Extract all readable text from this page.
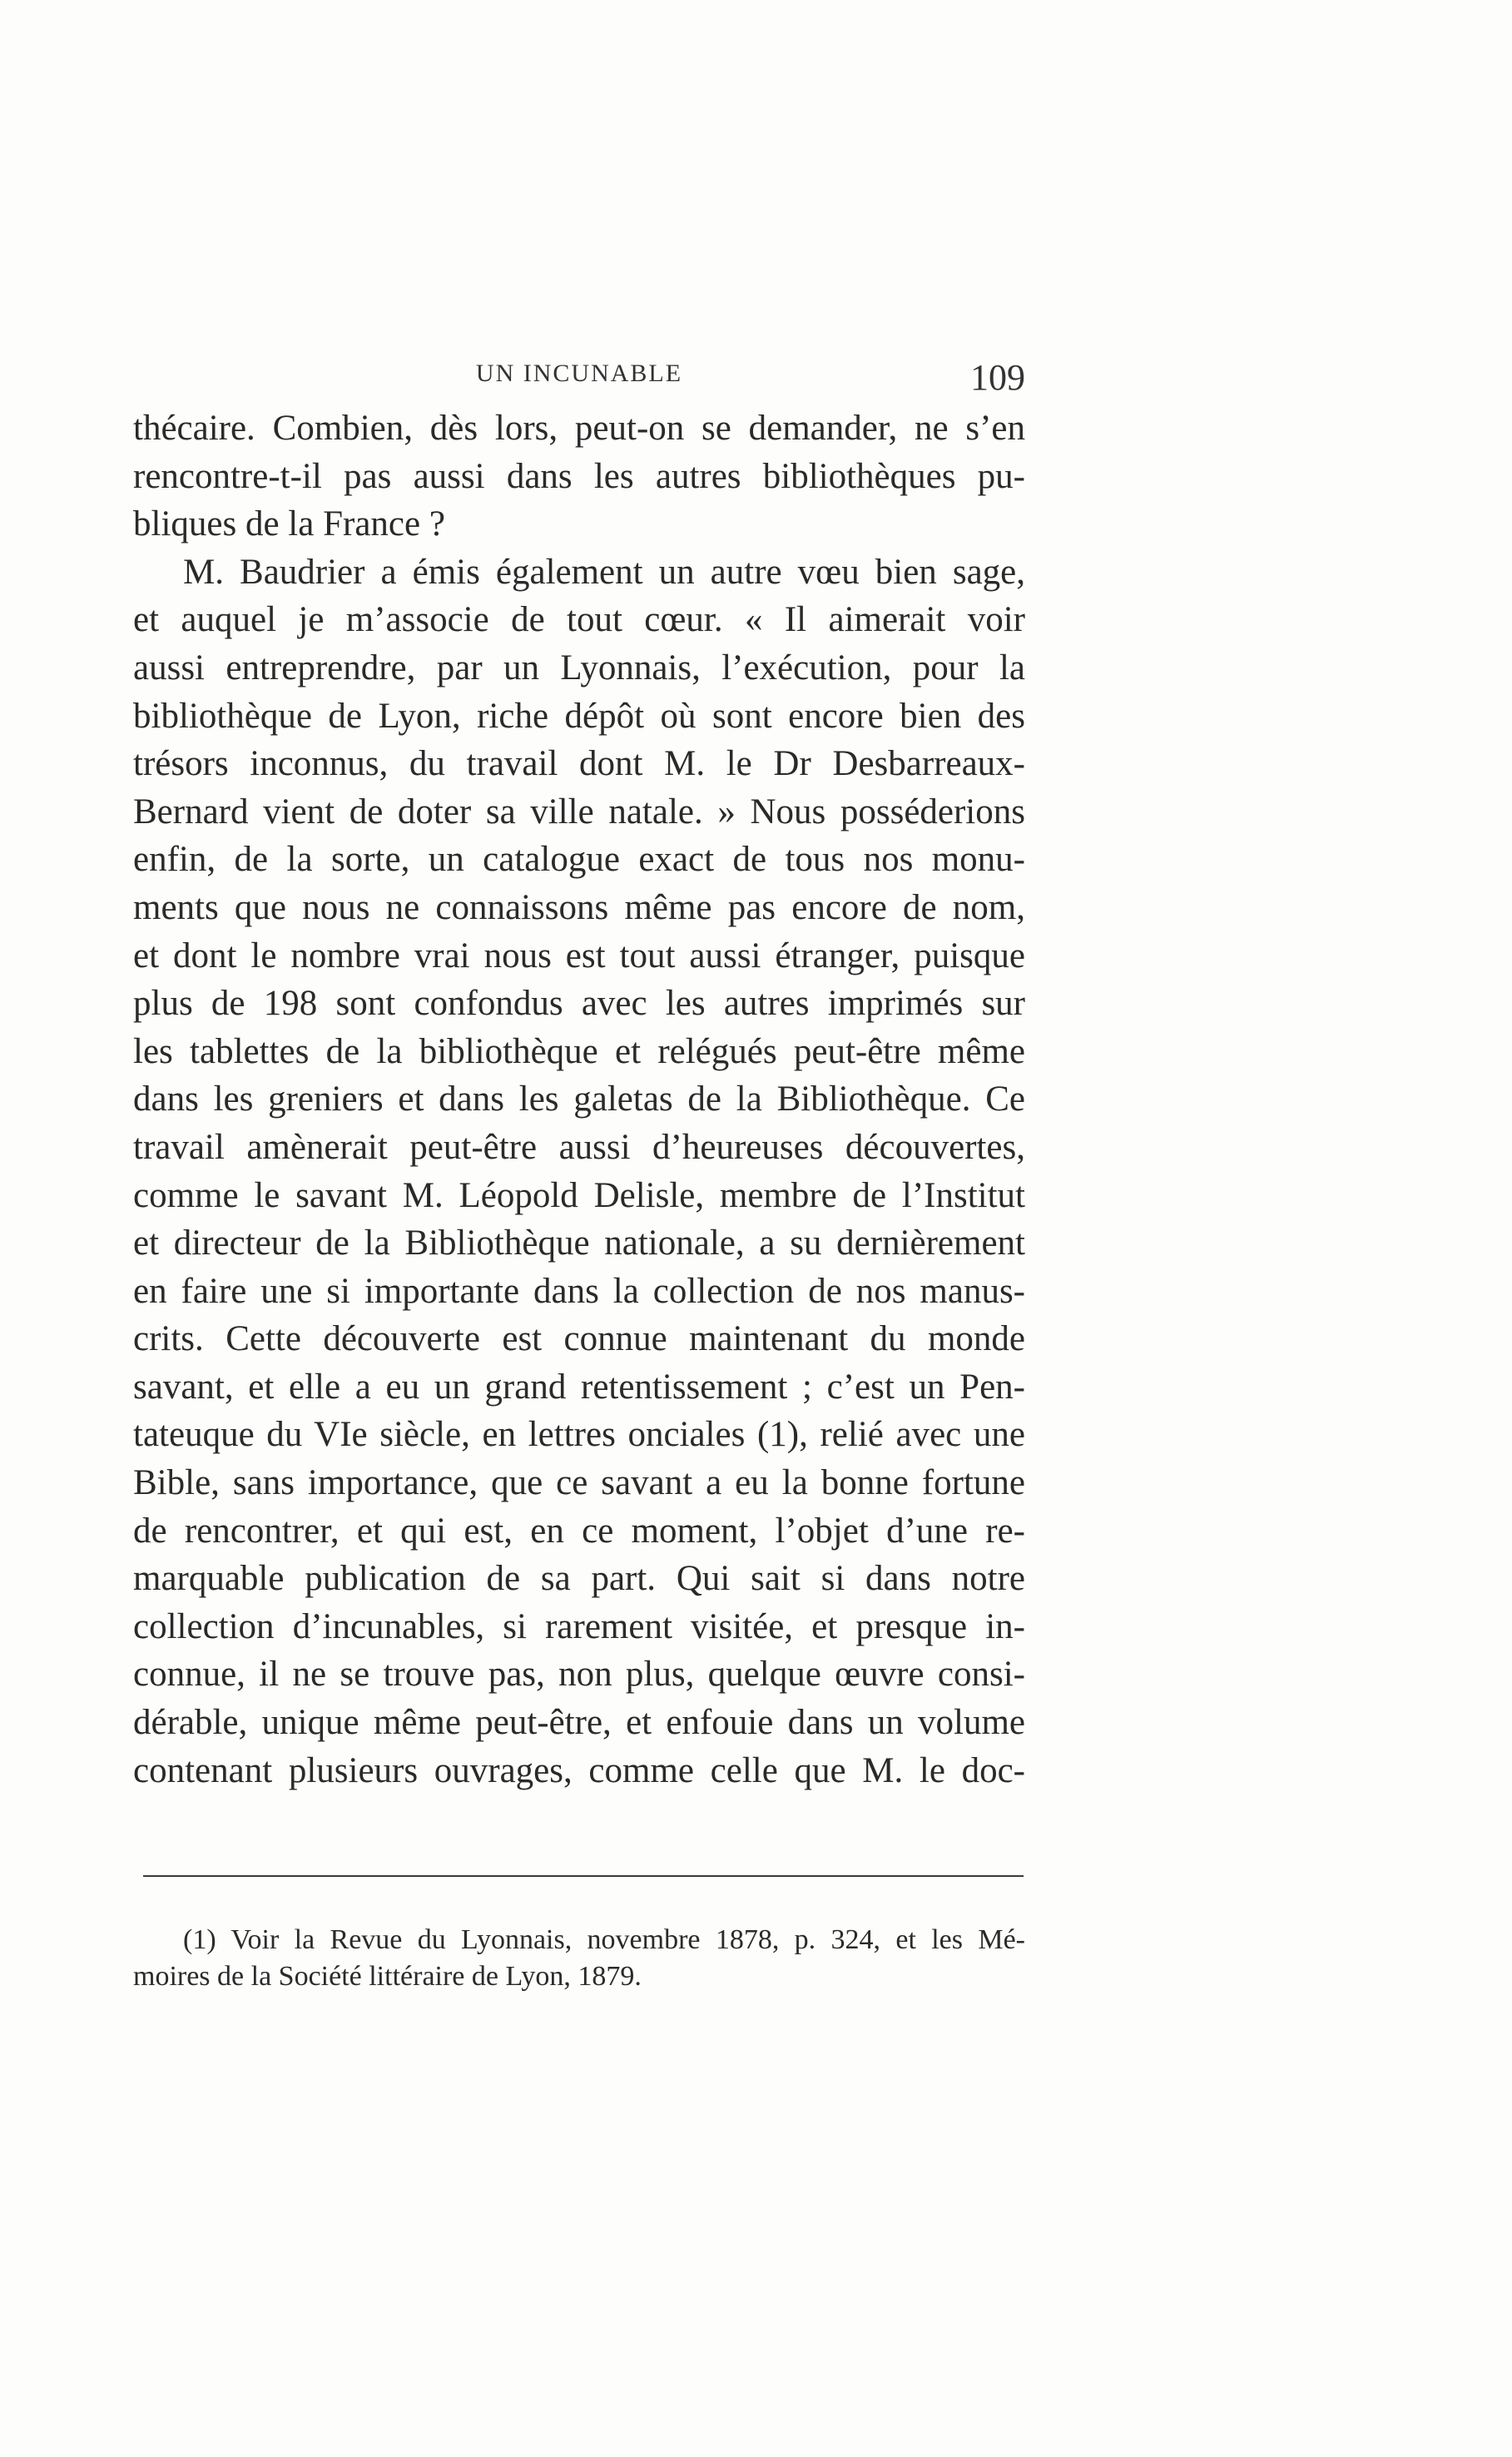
UN INCUNABLE	109
thécaire. Combien, dès lors, peut-on se demander, ne s’en
rencontre-t-il pas aussi dans les autres bibliothèques pu-
bliques de la France ?
M. Baudrier a émis également un autre vœu bien sage,
et auquel je m’associe de tout cœur. « Il aimerait voir
aussi entreprendre, par un Lyonnais, l’exécution, pour la
bibliothèque de Lyon, riche dépôt où sont encore bien des
trésors inconnus, du travail dont M. le Dr Desbarreaux-
Bernard vient de doter sa ville natale. » Nous posséderions
enfin, de la sorte, un catalogue exact de tous nos monu-
ments que nous ne connaissons même pas encore de nom,
et dont le nombre vrai nous est tout aussi étranger, puisque
plus de 198 sont confondus avec les autres imprimés sur
les tablettes de la bibliothèque et relégués peut-être même
dans les greniers et dans les galetas de la Bibliothèque. Ce
travail amènerait peut-être aussi d’heureuses découvertes,
comme le savant M. Léopold Delisle, membre de l’Institut
et directeur de la Bibliothèque nationale, a su dernièrement
en faire une si importante dans la collection de nos manus-
crits. Cette découverte est connue maintenant du monde
savant, et elle a eu un grand retentissement ; c’est un Pen-
tateuque du VIe siècle, en lettres onciales (1), relié avec une
Bible, sans importance, que ce savant a eu la bonne fortune
de rencontrer, et qui est, en ce moment, l’objet d’une re-
marquable publication de sa part. Qui sait si dans notre
collection d’incunables, si rarement visitée, et presque in-
connue, il ne se trouve pas, non plus, quelque œuvre consi-
dérable, unique même peut-être, et enfouie dans un volume
contenant plusieurs ouvrages, comme celle que M. le doc-
(1) Voir la Revue du Lyonnais, novembre 1878, p. 324, et les Mé-
moires de la Société littéraire de Lyon, 1879.
